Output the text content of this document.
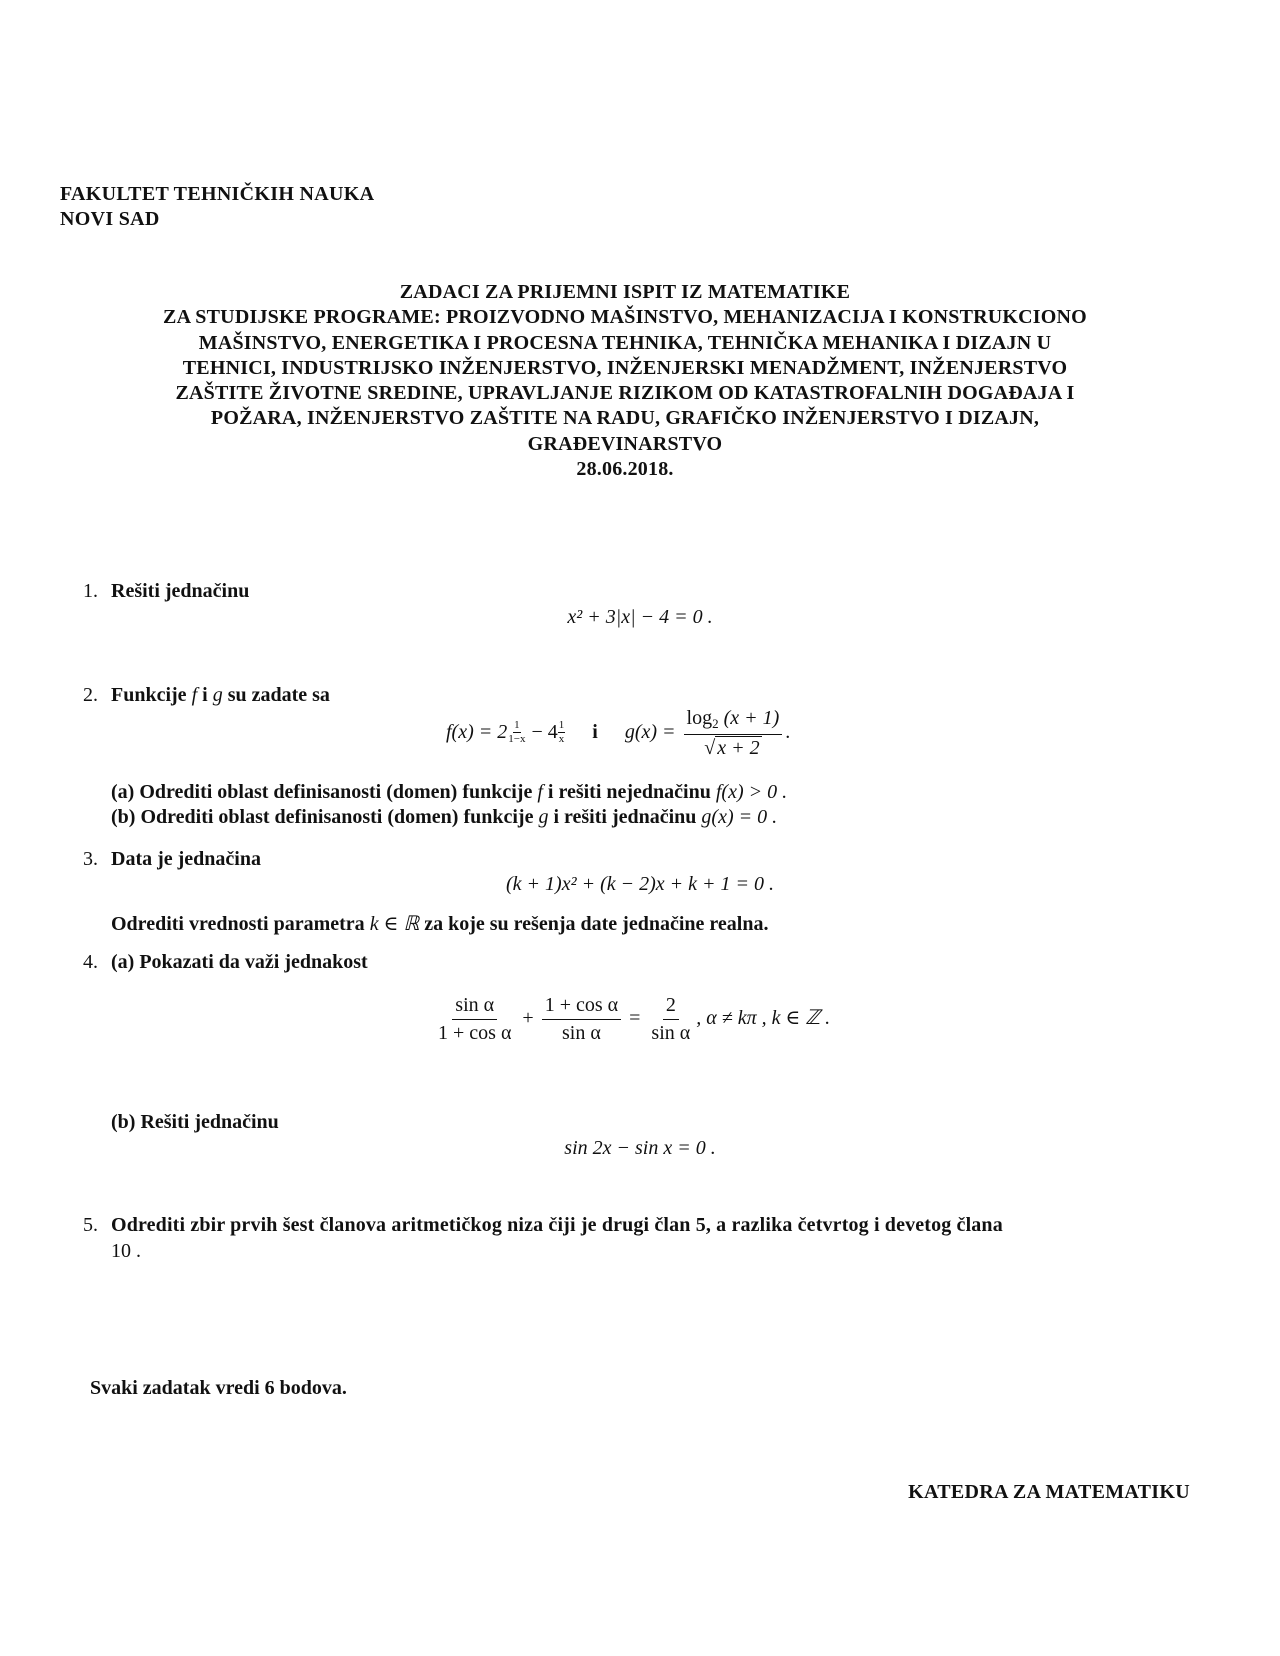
FAKULTET TEHNIČKIH NAUKA
NOVI SAD
ZADACI ZA PRIJEMNI ISPIT IZ MATEMATIKE
ZA STUDIJSKE PROGRAME: PROIZVODNO MAŠINSTVO, MEHANIZACIJA I KONSTRUKCIONO
MAŠINSTVO, ENERGETIKA I PROCESNA TEHNIKA, TEHNIČKA MEHANIKA I DIZAJN U
TEHNICI, INDUSTRIJSKO INŽENJERSTVO, INŽENJERSKI MENADŽMENT, INŽENJERSTVO
ZAŠTITE ŽIVOTNE SREDINE, UPRAVLJANJE RIZIKOM OD KATASTROFALNIH DOGAĐAJA I
POŽARA, INŽENJERSTVO ZAŠTITE NA RADU, GRAFIČKO INŽENJERSTVO I DIZAJN,
GRAĐEVINARSTVO
28.06.2018.
1. Rešiti jednačinu
x² + 3|x| − 4 = 0 .
2. Funkcije f i g su zadate sa
$f(x) = 2 \frac{1}{1-x} - 4 \frac{1}{x}$ i $g(x) = \frac{\log_2 (x + 1)}{√ x + 2}$ .
(a) Odrediti oblast definisanosti (domen) funkcije f i rešiti nejednačinu f(x) > 0 .
(b) Odrediti oblast definisanosti (domen) funkcije g i rešiti jednačinu g(x) = 0 .
3. Data je jednačina
(k + 1)x² + (k − 2)x + k + 1 = 0 .
Odrediti vrednosti parametra k ∈ ℝ za koje su rešenja date jednačine realna.
4. (a) Pokazati da važi jednakost
$\frac{\text{sin α}}{\text{1 + cos α}} + \frac{\text{1 + cos α}}{\text{sin α}} = \frac{2}{\text{sin α}}$ , α ≠ kπ , k ∈ ℤ .
(b) Rešiti jednačinu
sin 2x − sin x = 0 .
5. Odrediti zbir prvih šest članova aritmetičkog niza čiji je drugi član 5, a razlika četvrtog i devetog člana
10 .
Svaki zadatak vredi 6 bodova.
KATEDRA ZA MATEMATIKU
